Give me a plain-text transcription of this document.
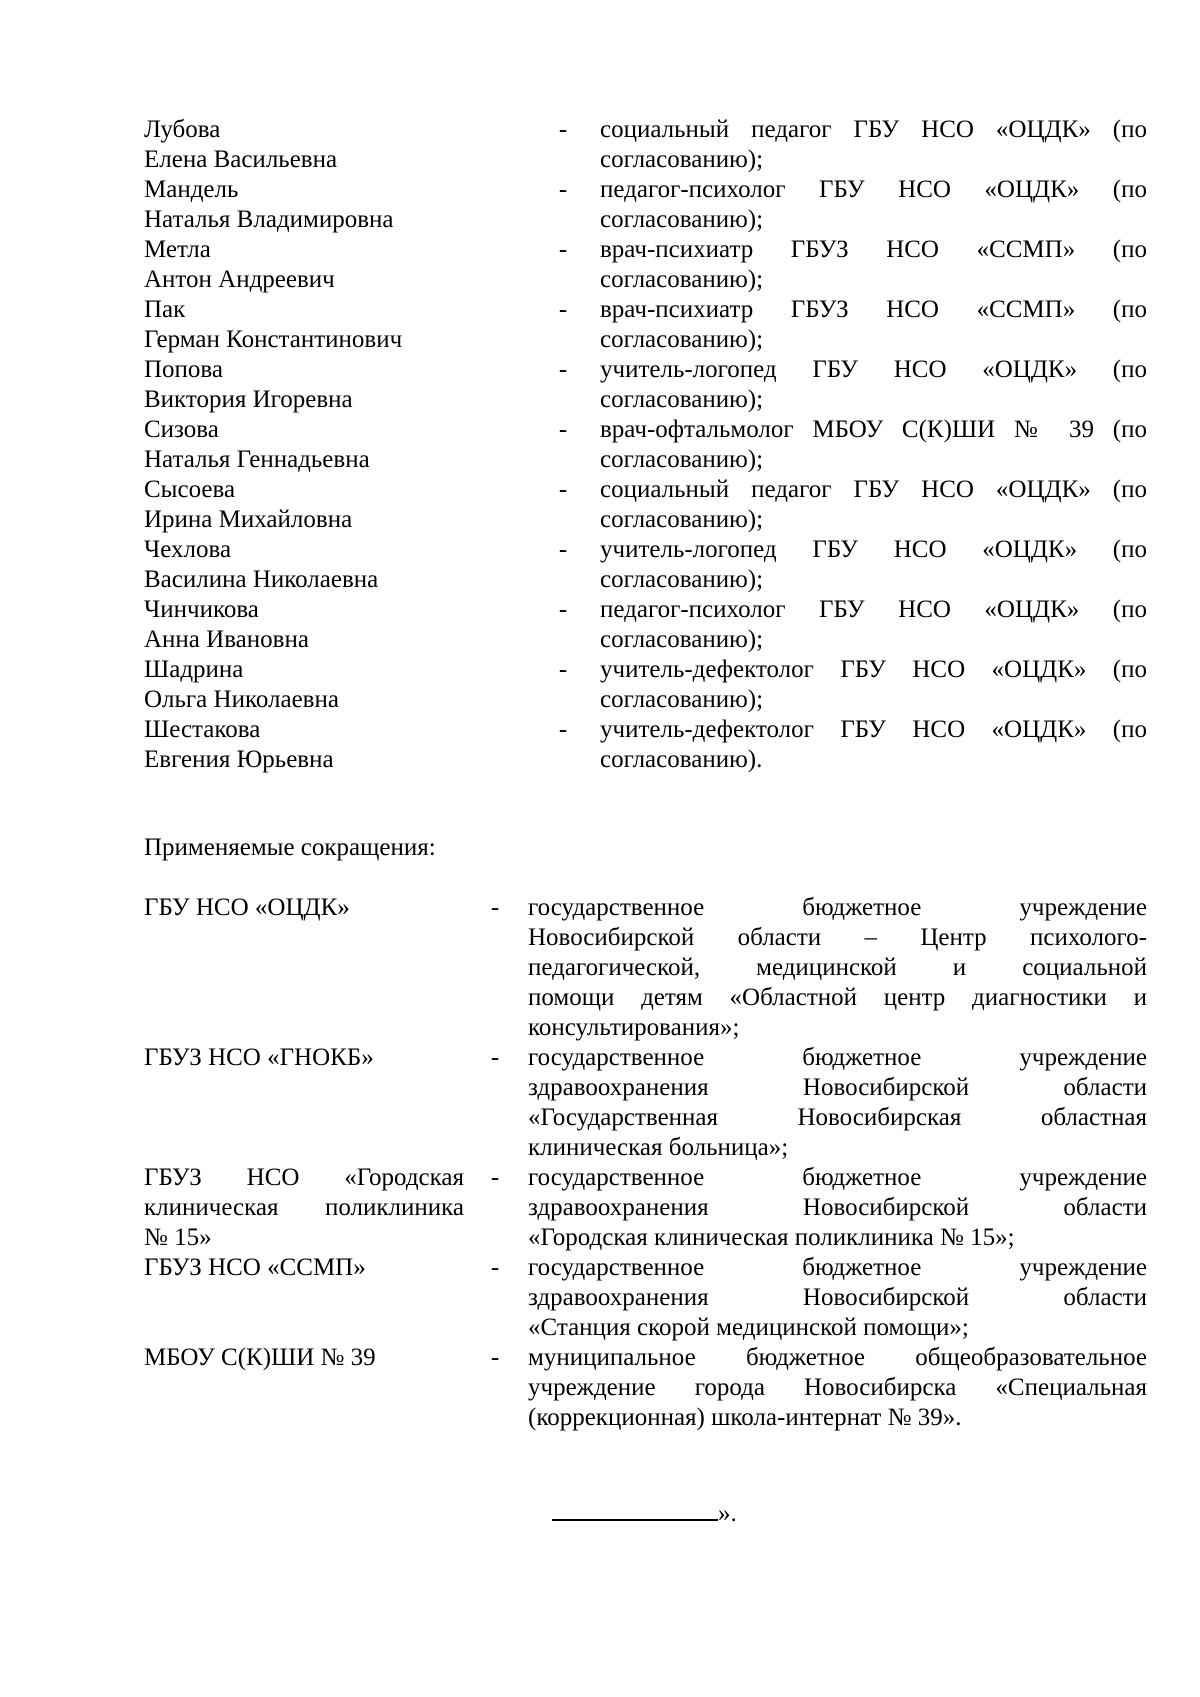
Лубова
Елена Васильевна
-	социальный педагог ГБУ НСО «ОЦДК» (по
согласованию);
Мандель
Наталья Владимировна
-	педагог-психолог ГБУ НСО «ОЦДК» (по
согласованию);
Метла
Антон Андреевич
-	врач-психиатр ГБУЗ НСО «ССМП» (по
согласованию);
Пак
Герман Константинович
-	врач-психиатр ГБУЗ НСО «ССМП» (по
согласованию);
Попова
Виктория Игоревна
-	учитель-логопед ГБУ НСО «ОЦДК» (по
согласованию);
Сизова
Наталья Геннадьевна
-	врач-офтальмолог МБОУ С(К)ШИ № 39 (по
согласованию);
Сысоева
Ирина Михайловна
-	социальный педагог ГБУ НСО «ОЦДК» (по
согласованию);
Чехлова
Василина Николаевна
-	учитель-логопед ГБУ НСО «ОЦДК» (по
согласованию);
Чинчикова
Анна Ивановна
-	педагог-психолог ГБУ НСО «ОЦДК» (по
согласованию);
Шадрина
Ольга Николаевна
-	учитель-дефектолог ГБУ НСО «ОЦДК» (по
согласованию);
Шестакова
Евгения Юрьевна
-	учитель-дефектолог ГБУ НСО «ОЦДК» (по
согласованию).
Применяемые сокращения:
ГБУ НСО «ОЦДК»	-	государственное бюджетное учреждение
Новосибирской области – Центр психолого-
педагогической, медицинской и социальной
помощи детям «Областной центр диагностики и
консультирования»;
ГБУЗ НСО «ГНОКБ»	-	государственное бюджетное учреждение
здравоохранения Новосибирской области
«Государственная Новосибирская областная
клиническая больница»;
ГБУЗ НСО «Городская
клиническая поликлиника
№ 15»
-	государственное бюджетное учреждение
здравоохранения Новосибирской области
«Городская клиническая поликлиника № 15»;
ГБУЗ НСО «ССМП»	-	государственное бюджетное учреждение
здравоохранения Новосибирской области
«Станция скорой медицинской помощи»;
МБОУ С(К)ШИ № 39	-	муниципальное бюджетное общеобразовательное
учреждение города Новосибирска «Специальная
(коррекционная) школа-интернат № 39».
».
